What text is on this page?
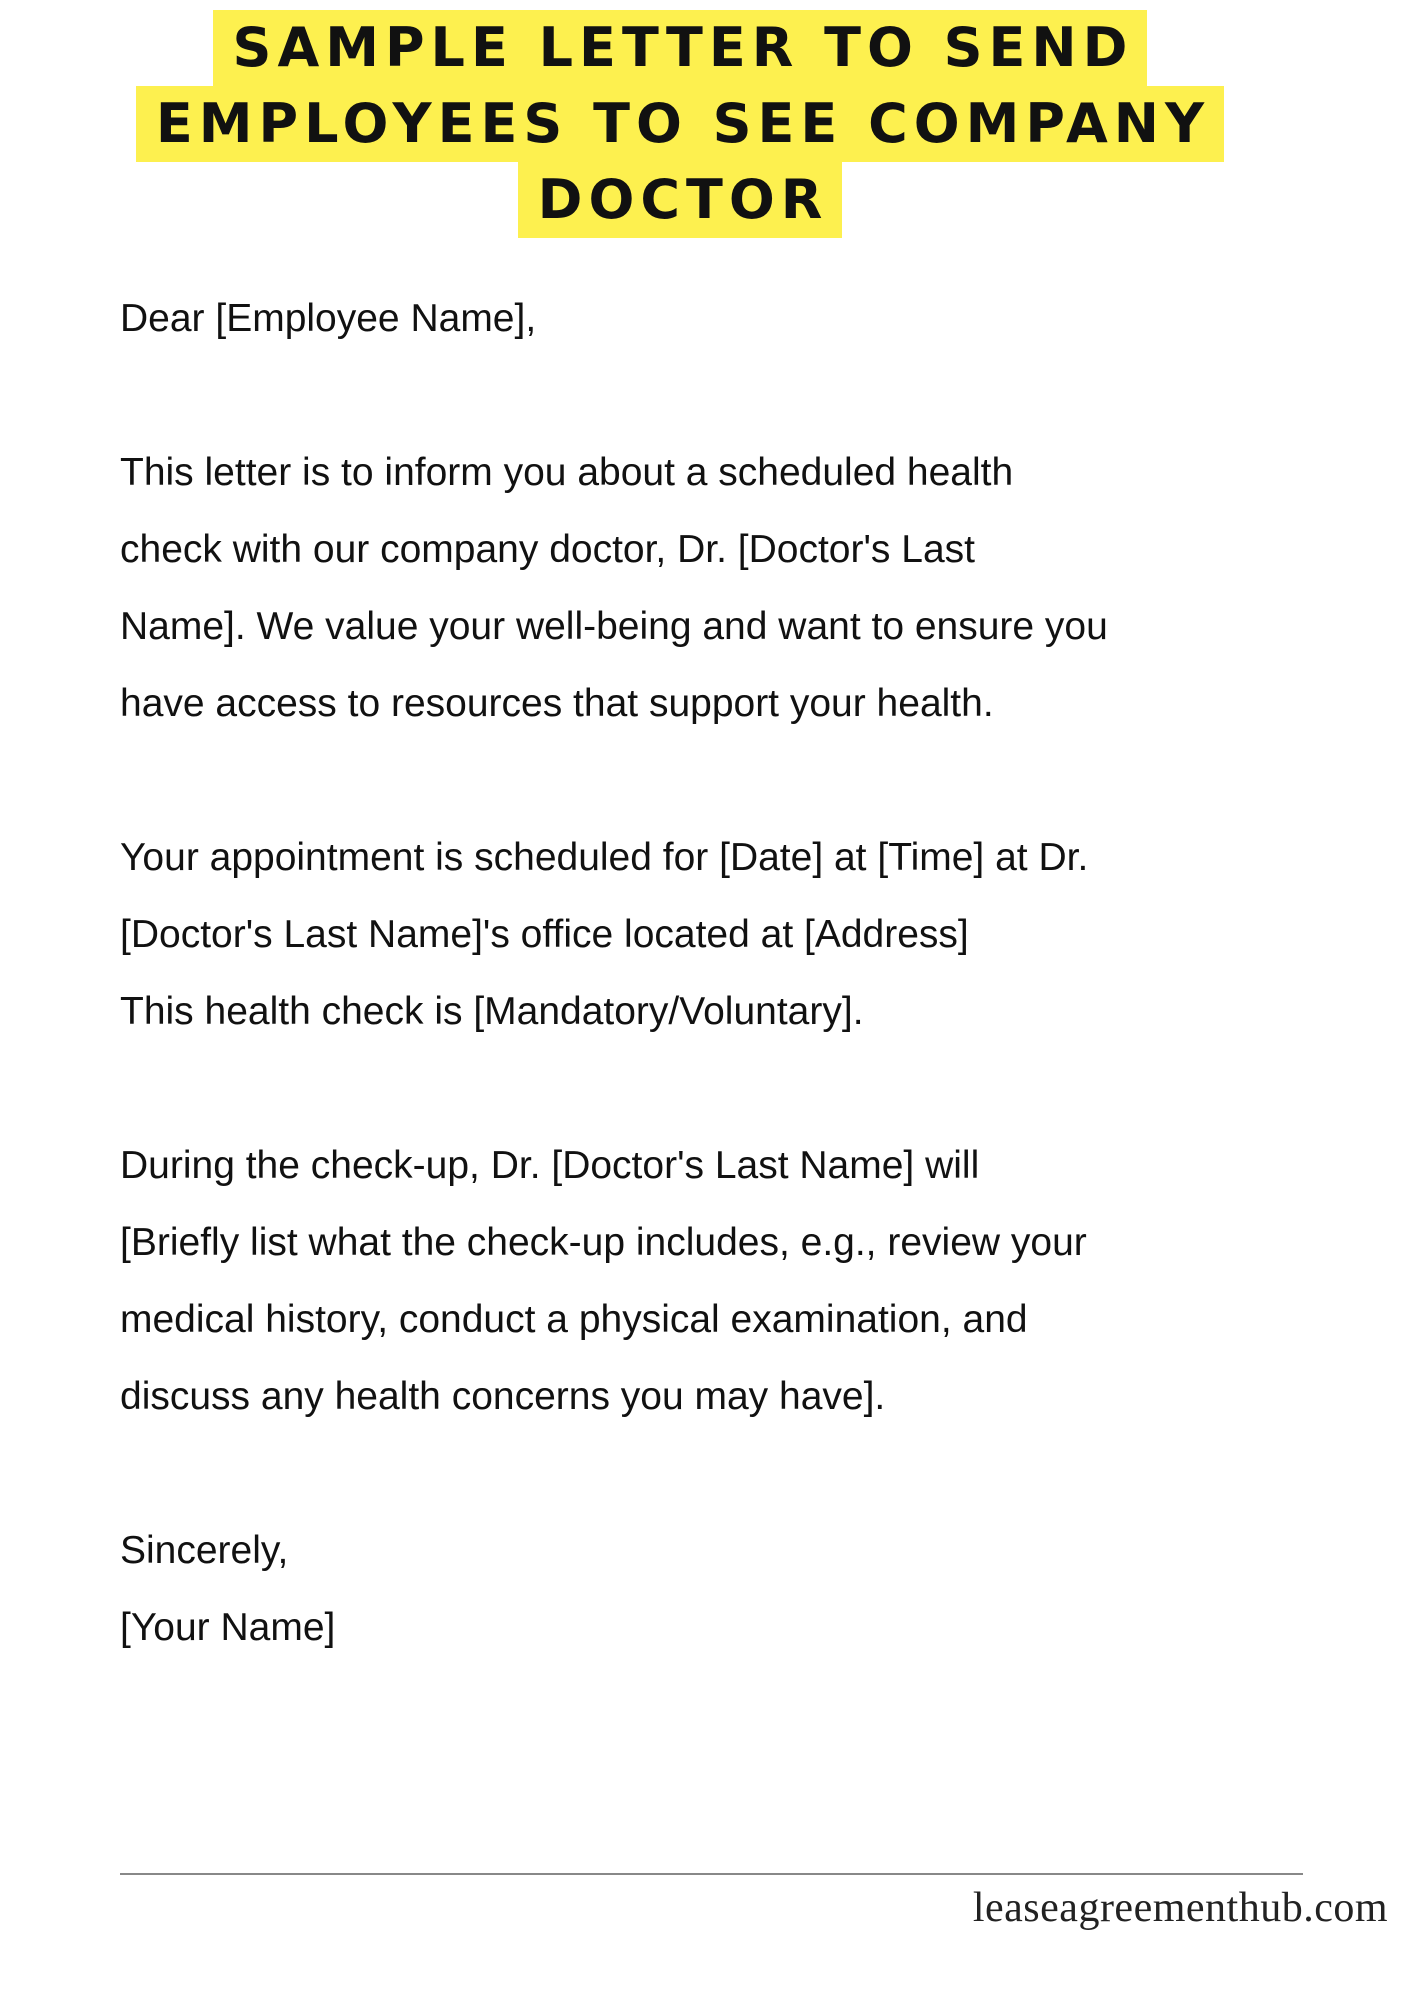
SAMPLE LETTER TO SEND
EMPLOYEES TO SEE COMPANY
DOCTOR
Dear [Employee Name],
This letter is to inform you about a scheduled health
check with our company doctor, Dr. [Doctor's Last
Name]. We value your well-being and want to ensure you
have access to resources that support your health.
Your appointment is scheduled for [Date] at [Time] at Dr.
[Doctor's Last Name]'s office located at [Address]
This health check is [Mandatory/Voluntary].
During the check-up, Dr. [Doctor's Last Name] will
[Briefly list what the check-up includes, e.g., review your
medical history, conduct a physical examination, and
discuss any health concerns you may have].
Sincerely,
[Your Name]
leaseagreementhub.com
